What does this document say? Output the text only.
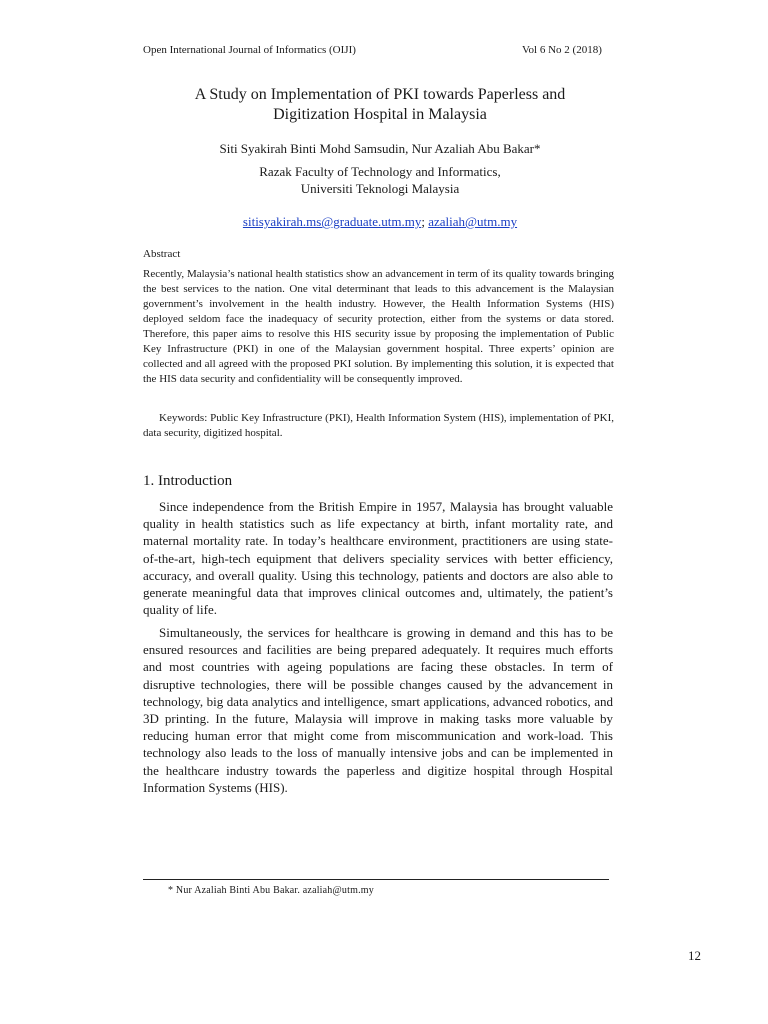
Open International Journal of Informatics (OIJI)	Vol 6 No 2 (2018)
A Study on Implementation of PKI towards Paperless and
Digitization Hospital in Malaysia
Siti Syakirah Binti Mohd Samsudin, Nur Azaliah Abu Bakar*
Razak Faculty of Technology and Informatics,
Universiti Teknologi Malaysia
sitisyakirah.ms@graduate.utm.my; azaliah@utm.my
Abstract
Recently, Malaysia’s national health statistics show an advancement in term of its quality towards bringing the best services to the nation. One vital determinant that leads to this advancement is the Malaysian government’s involvement in the health industry. However, the Health Information Systems (HIS) deployed seldom face the inadequacy of security protection, either from the systems or data stored. Therefore, this paper aims to resolve this HIS security issue by proposing the implementation of Public Key Infrastructure (PKI) in one of the Malaysian government hospital. Three experts’ opinion are collected and all agreed with the proposed PKI solution. By implementing this solution, it is expected that the HIS data security and confidentiality will be consequently improved.
Keywords: Public Key Infrastructure (PKI), Health Information System (HIS), implementation of PKI, data security, digitized hospital.
1. Introduction

Since independence from the British Empire in 1957, Malaysia has brought valuable quality in health statistics such as life expectancy at birth, infant mortality rate, and maternal mortality rate. In today’s healthcare environment, practitioners are using state-of-the-art, high-tech equipment that delivers speciality services with better efficiency, accuracy, and overall quality. Using this technology, patients and doctors are also able to generate meaningful data that improves clinical outcomes and, ultimately, the patient’s quality of life.

Simultaneously, the services for healthcare is growing in demand and this has to be ensured resources and facilities are being prepared adequately. It requires much efforts and most countries with ageing populations are facing these obstacles. In term of disruptive technologies, there will be possible changes caused by the advancement in technology, big data analytics and intelligence, smart applications, advanced robotics, and 3D printing. In the future, Malaysia will improve in making tasks more valuable by reducing human error that might come from miscommunication and work-load. This technology also leads to the loss of manually intensive jobs and can be implemented in the healthcare industry towards the paperless and digitize hospital through Hospital Information Systems (HIS).

* Nur Azaliah Binti Abu Bakar. azaliah@utm.my
12
